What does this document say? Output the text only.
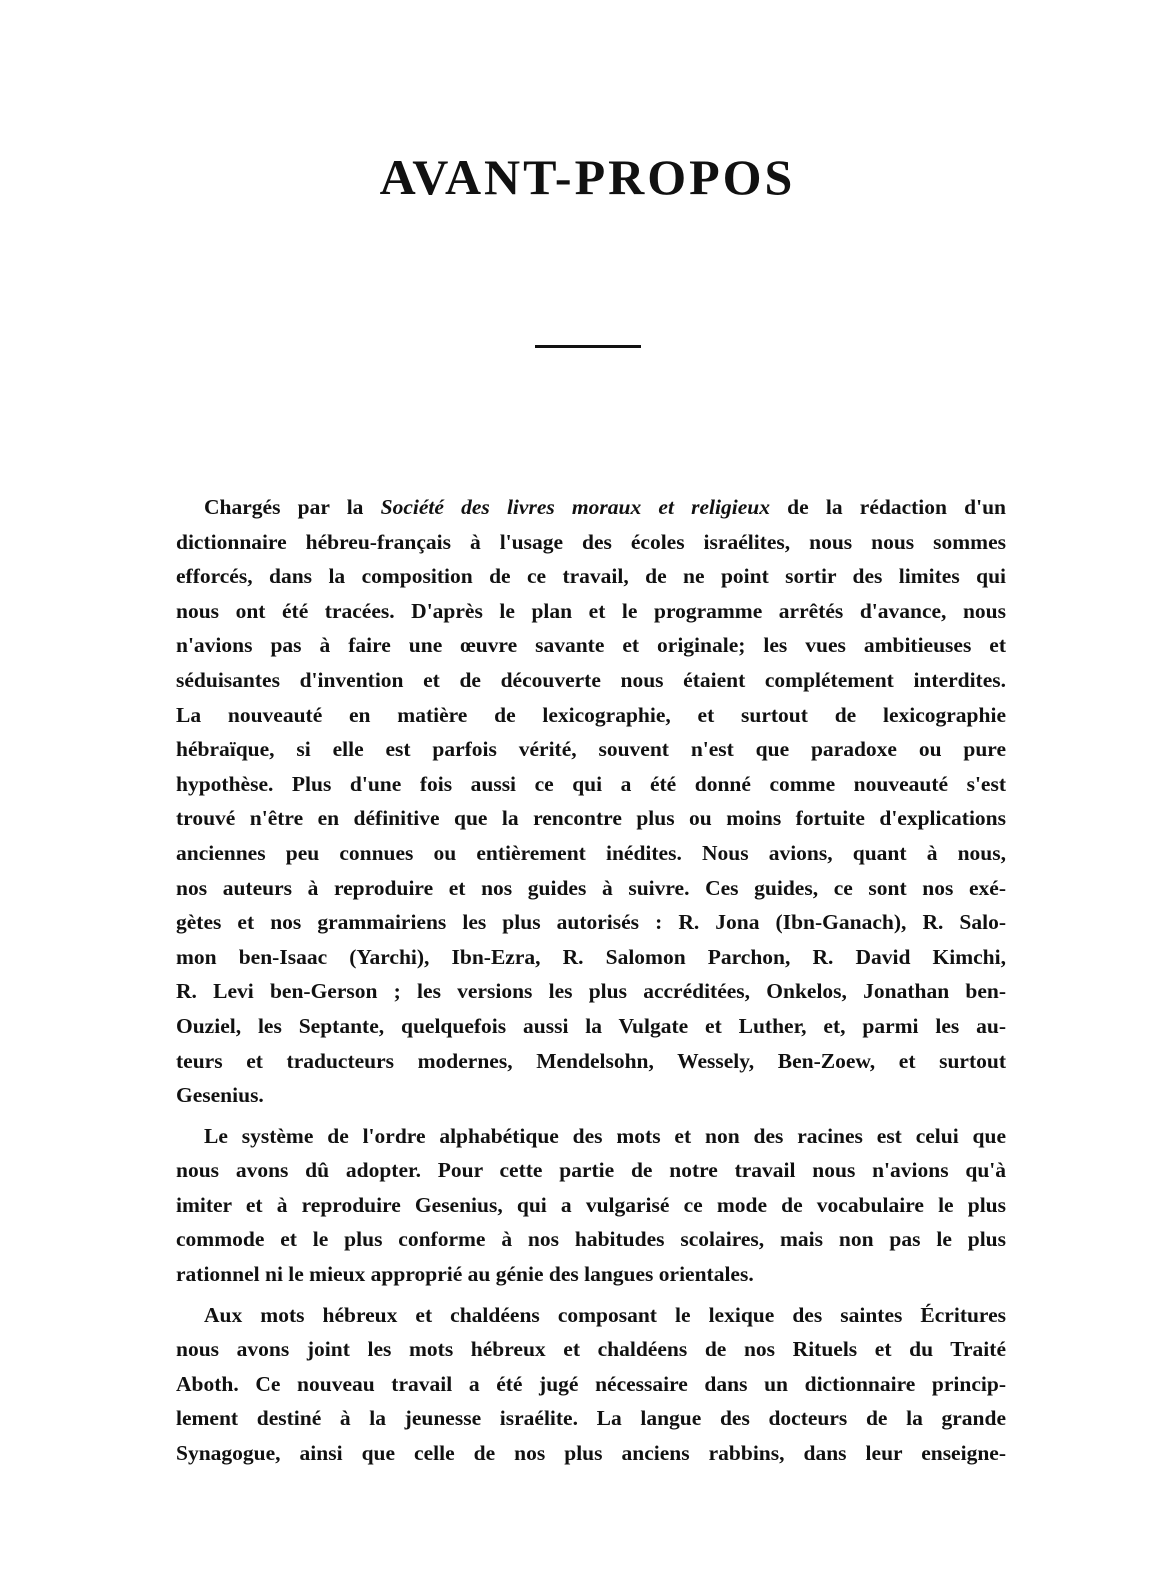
AVANT-PROPOS
Chargés par la Société des livres moraux et religieux de la rédaction d'un
dictionnaire hébreu-français à l'usage des écoles israélites, nous nous sommes
efforcés, dans la composition de ce travail, de ne point sortir des limites qui
nous ont été tracées. D'après le plan et le programme arrêtés d'avance, nous
n'avions pas à faire une œuvre savante et originale; les vues ambitieuses et
séduisantes d'invention et de découverte nous étaient complétement interdites.
La nouveauté en matière de lexicographie, et surtout de lexicographie
hébraïque, si elle est parfois vérité, souvent n'est que paradoxe ou pure
hypothèse. Plus d'une fois aussi ce qui a été donné comme nouveauté s'est
trouvé n'être en définitive que la rencontre plus ou moins fortuite d'explications
anciennes peu connues ou entièrement inédites. Nous avions, quant à nous,
nos auteurs à reproduire et nos guides à suivre. Ces guides, ce sont nos exé-
gètes et nos grammairiens les plus autorisés : R. Jona (Ibn-Ganach), R. Salo-
mon ben-Isaac (Yarchi), Ibn-Ezra, R. Salomon Parchon, R. David Kimchi,
R. Levi ben-Gerson ; les versions les plus accréditées, Onkelos, Jonathan ben-
Ouziel, les Septante, quelquefois aussi la Vulgate et Luther, et, parmi les au-
teurs et traducteurs modernes, Mendelsohn, Wessely, Ben-Zoew, et surtout
Gesenius.
Le système de l'ordre alphabétique des mots et non des racines est celui que
nous avons dû adopter. Pour cette partie de notre travail nous n'avions qu'à
imiter et à reproduire Gesenius, qui a vulgarisé ce mode de vocabulaire le plus
commode et le plus conforme à nos habitudes scolaires, mais non pas le plus
rationnel ni le mieux approprié au génie des langues orientales.
Aux mots hébreux et chaldéens composant le lexique des saintes Écritures
nous avons joint les mots hébreux et chaldéens de nos Rituels et du Traité
Aboth. Ce nouveau travail a été jugé nécessaire dans un dictionnaire princip-
lement destiné à la jeunesse israélite. La langue des docteurs de la grande
Synagogue, ainsi que celle de nos plus anciens rabbins, dans leur enseigne-
